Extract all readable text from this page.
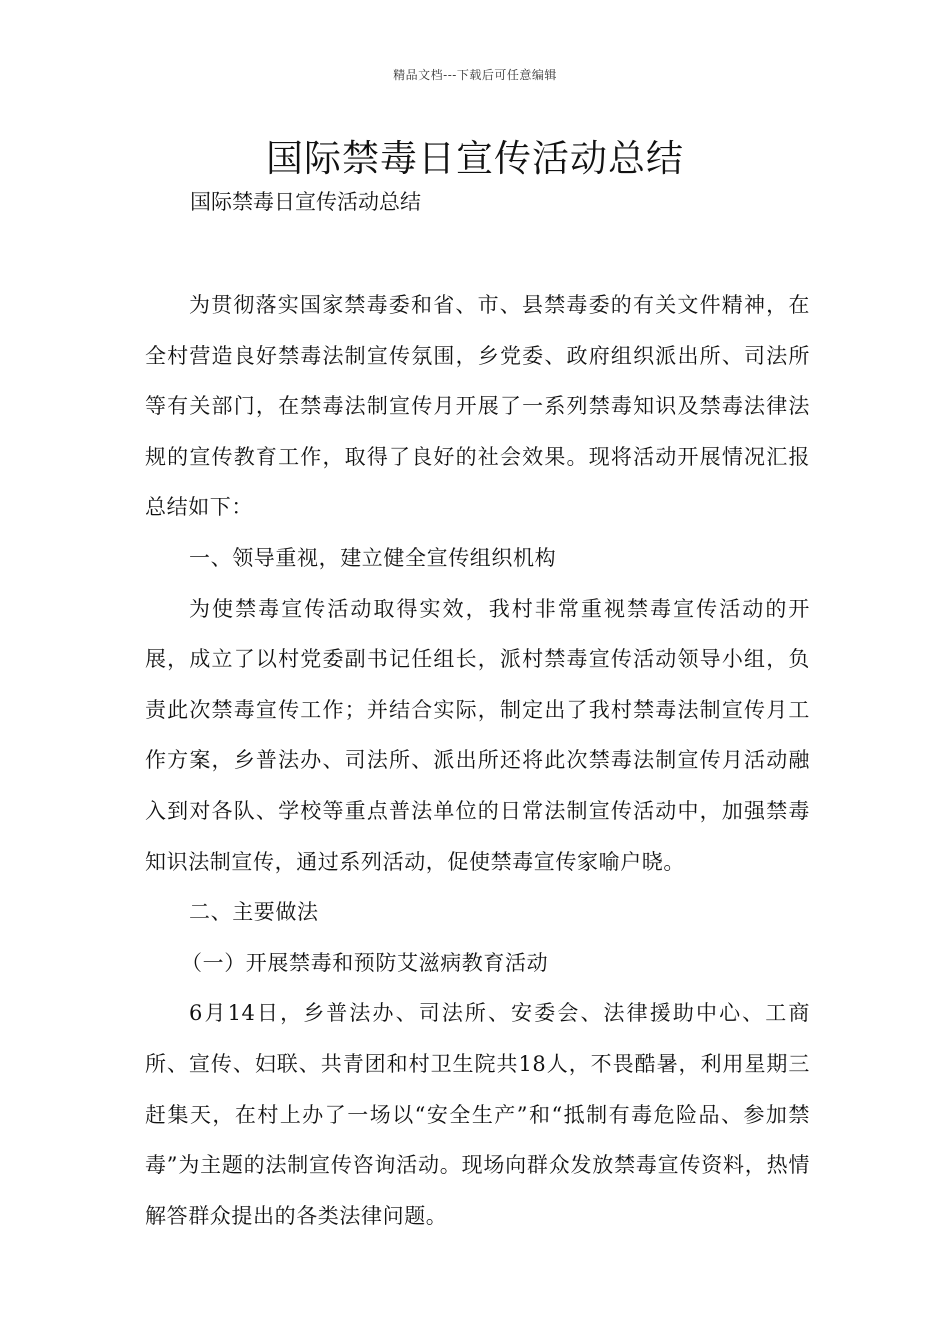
精品文档---下载后可任意编辑
国际禁毒日宣传活动总结
国际禁毒日宣传活动总结

为贯彻落实国家禁毒委和省、市、县禁毒委的有关文件精神，在全村营造良好禁毒法制宣传氛围，乡党委、政府组织派出所、司法所等有关部门，在禁毒法制宣传月开展了一系列禁毒知识及禁毒法律法规的宣传教育工作，取得了良好的社会效果。现将活动开展情况汇报总结如下：

一、领导重视，建立健全宣传组织机构

为使禁毒宣传活动取得实效，我村非常重视禁毒宣传活动的开展，成立了以村党委副书记任组长，派村禁毒宣传活动领导小组，负责此次禁毒宣传工作；并结合实际，制定出了我村禁毒法制宣传月工作方案，乡普法办、司法所、派出所还将此次禁毒法制宣传月活动融入到对各队、学校等重点普法单位的日常法制宣传活动中，加强禁毒知识法制宣传，通过系列活动，促使禁毒宣传家喻户晓。

二、主要做法

（一）开展禁毒和预防艾滋病教育活动

6月14日，乡普法办、司法所、安委会、法律援助中心、工商所、宣传、妇联、共青团和村卫生院共18人，不畏酷暑，利用星期三赶集天，在村上办了一场以“安全生产”和“抵制有毒危险品、参加禁毒”为主题的法制宣传咨询活动。现场向群众发放禁毒宣传资料，热情解答群众提出的各类法律问题。
